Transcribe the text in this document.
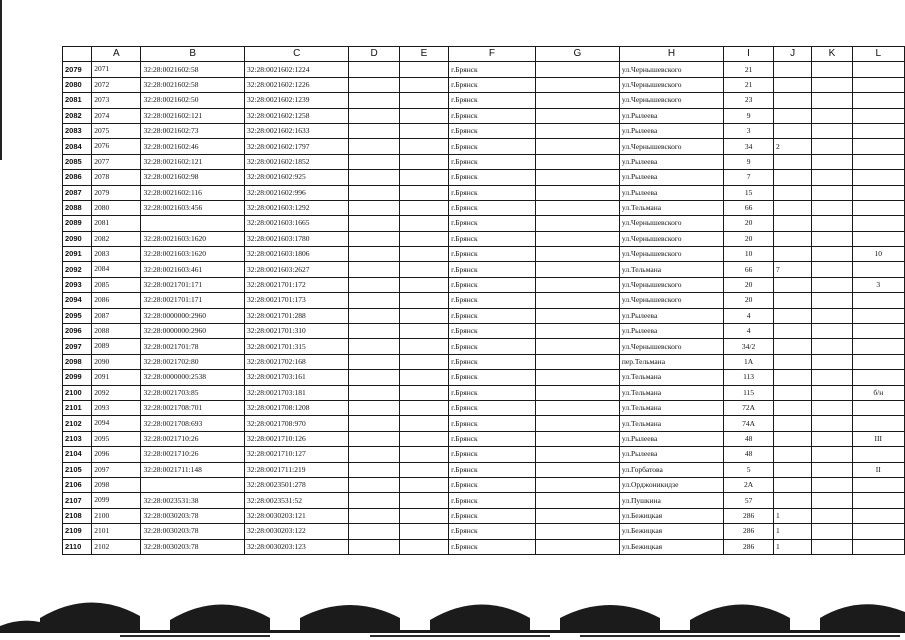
	A	B	C	D	E	F	G	H	I	J	K	L
2079	2071	32:28:0021602:58	32:28:0021602:1224			г.Брянск		ул.Чернышевского	21			
2080	2072	32:28:0021602:58	32:28:0021602:1226			г.Брянск		ул.Чернышевского	21			
2081	2073	32:28:0021602:50	32:28:0021602:1239			г.Брянск		ул.Чернышевского	23			
2082	2074	32:28:0021602:121	32:28:0021602:1258			г.Брянск		ул.Рылеева	9			
2083	2075	32:28:0021602:73	32:28:0021602:1633			г.Брянск		ул.Рылеева	3			
2084	2076	32:28:0021602:46	32:28:0021602:1797			г.Брянск		ул.Чернышевского	34	2		
2085	2077	32:28:0021602:121	32:28:0021602:1852			г.Брянск		ул.Рылеева	9			
2086	2078	32:28:0021602:98	32:28:0021602:925			г.Брянск		ул.Рылеева	7			
2087	2079	32:28:0021602:116	32:28:0021602:996			г.Брянск		ул.Рылеева	15			
2088	2080	32:28:0021603:456	32:28:0021603:1292			г.Брянск		ул.Тельмана	66			
2089	2081		32:28:0021603:1665			г.Брянск		ул.Чернышевского	20			
2090	2082	32:28:0021603:1620	32:28:0021603:1780			г.Брянск		ул.Чернышевского	20			
2091	2083	32:28:0021603:1620	32:28:0021603:1806			г.Брянск		ул.Чернышевского	10			10
2092	2084	32:28:0021603:461	32:28:0021603:2627			г.Брянск		ул.Тельмана	66	7		
2093	2085	32:28:0021701:171	32:28:0021701:172			г.Брянск		ул.Чернышевского	20			3
2094	2086	32:28:0021701:171	32:28:0021701:173			г.Брянск		ул.Чернышевского	20			
2095	2087	32:28:0000000:2960	32:28:0021701:288			г.Брянск		ул.Рылеева	4			
2096	2088	32:28:0000000:2960	32:28:0021701:310			г.Брянск		ул.Рылеева	4			
2097	2089	32:28:0021701:78	32:28:0021701:315			г.Брянск		ул.Чернышевского	34/2			
2098	2090	32:28:0021702:80	32:28:0021702:168			г.Брянск		пер.Тельмана	1А			
2099	2091	32:28:0000000:2538	32:28:0021703:161			г.Брянск		ул.Тельмана	113			
2100	2092	32:28:0021703:85	32:28:0021703:181			г.Брянск		ул.Тельмана	115			б/н
2101	2093	32:28:0021708:701	32:28:0021708:1208			г.Брянск		ул.Тельмана	72А			
2102	2094	32:28:0021708:693	32:28:0021708:970			г.Брянск		ул.Тельмана	74А			
2103	2095	32:28:0021710:26	32:28:0021710:126			г.Брянск		ул.Рылеева	48			III
2104	2096	32:28:0021710:26	32:28:0021710:127			г.Брянск		ул.Рылеева	48			
2105	2097	32:28:0021711:148	32:28:0021711:219			г.Брянск		ул.Горбатова	5			II
2106	2098		32:28:0023501:278			г.Брянск		ул.Орджоникидзе	2А			
2107	2099	32:28:0023531:38	32:28:0023531:52			г.Брянск		ул.Пушкина	57			
2108	2100	32:28:0030203:78	32:28:0030203:121			г.Брянск		ул.Бежицкая	286	1		
2109	2101	32:28:0030203:78	32:28:0030203:122			г.Брянск		ул.Бежицкая	286	1		
2110	2102	32:28:0030203:78	32:28:0030203:123			г.Брянск		ул.Бежицкая	286	1		
